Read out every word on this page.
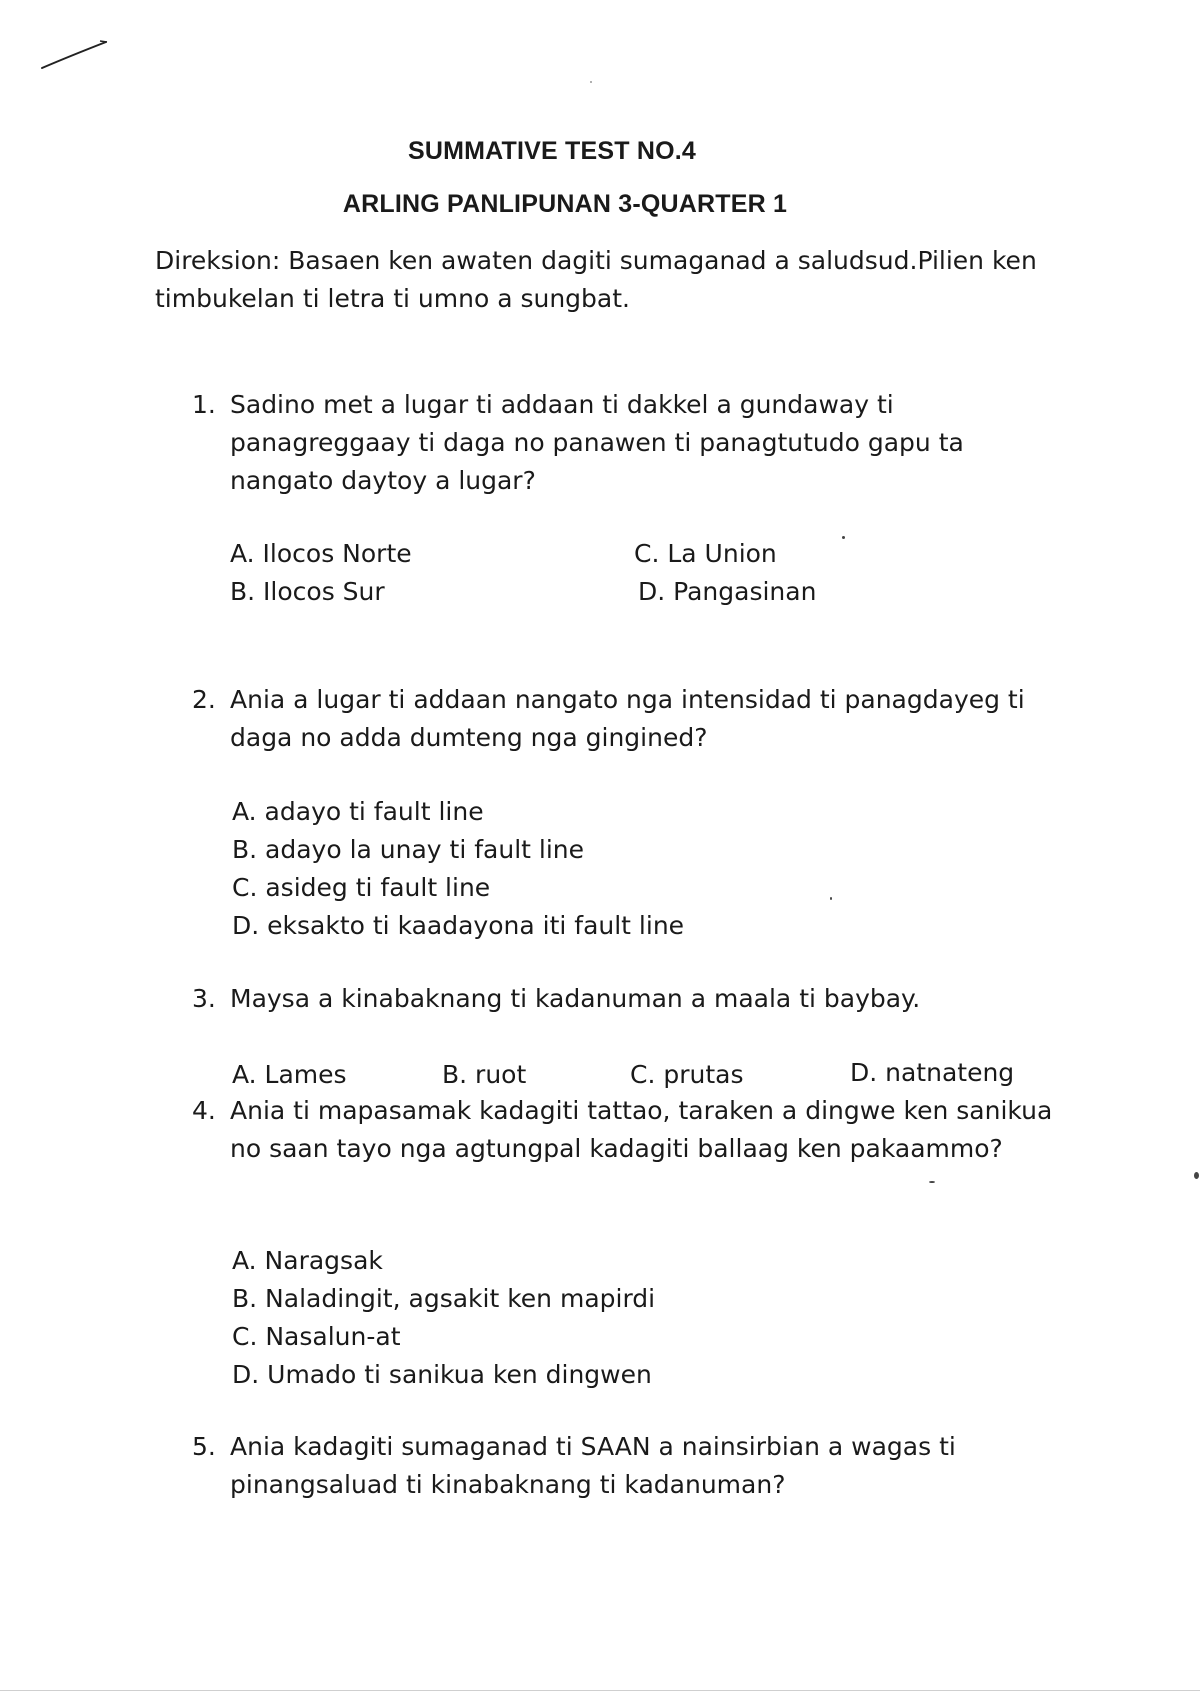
SUMMATIVE TEST NO.4
ARLING PANLIPUNAN 3-QUARTER 1
Direksion: Basaen ken awaten dagiti sumaganad a saludsud.Pilien ken timbukelan ti letra ti umno a sungbat.
1. Sadino met a lugar ti addaan ti dakkel a gundaway ti panagreggaay ti daga no panawen ti panagtutudo gapu ta nangato daytoy a lugar?
A. Ilocos Norte
B. Ilocos Sur
C. La Union
D. Pangasinan
2. Ania a lugar ti addaan nangato nga intensidad ti panagdayeg ti daga no adda dumteng nga gingined?
A. adayo ti fault line
B. adayo la unay ti fault line
C. asideg ti fault line
D. eksakto ti kaadayona iti fault line
3. Maysa a kinabaknang ti kadanuman a maala ti baybay.
A. Lames	B. ruot	C. prutas	D. natnateng
4. Ania ti mapasamak kadagiti tattao, taraken a dingwe ken sanikua no saan tayo nga agtungpal kadagiti ballaag ken pakaammo?
A. Naragsak
B. Naladingit, agsakit ken mapirdi
C. Nasalun-at
D. Umado ti sanikua ken dingwen
5. Ania kadagiti sumaganad ti SAAN a nainsirbian a wagas ti pinangsaluad ti kinabaknang ti kadanuman?
